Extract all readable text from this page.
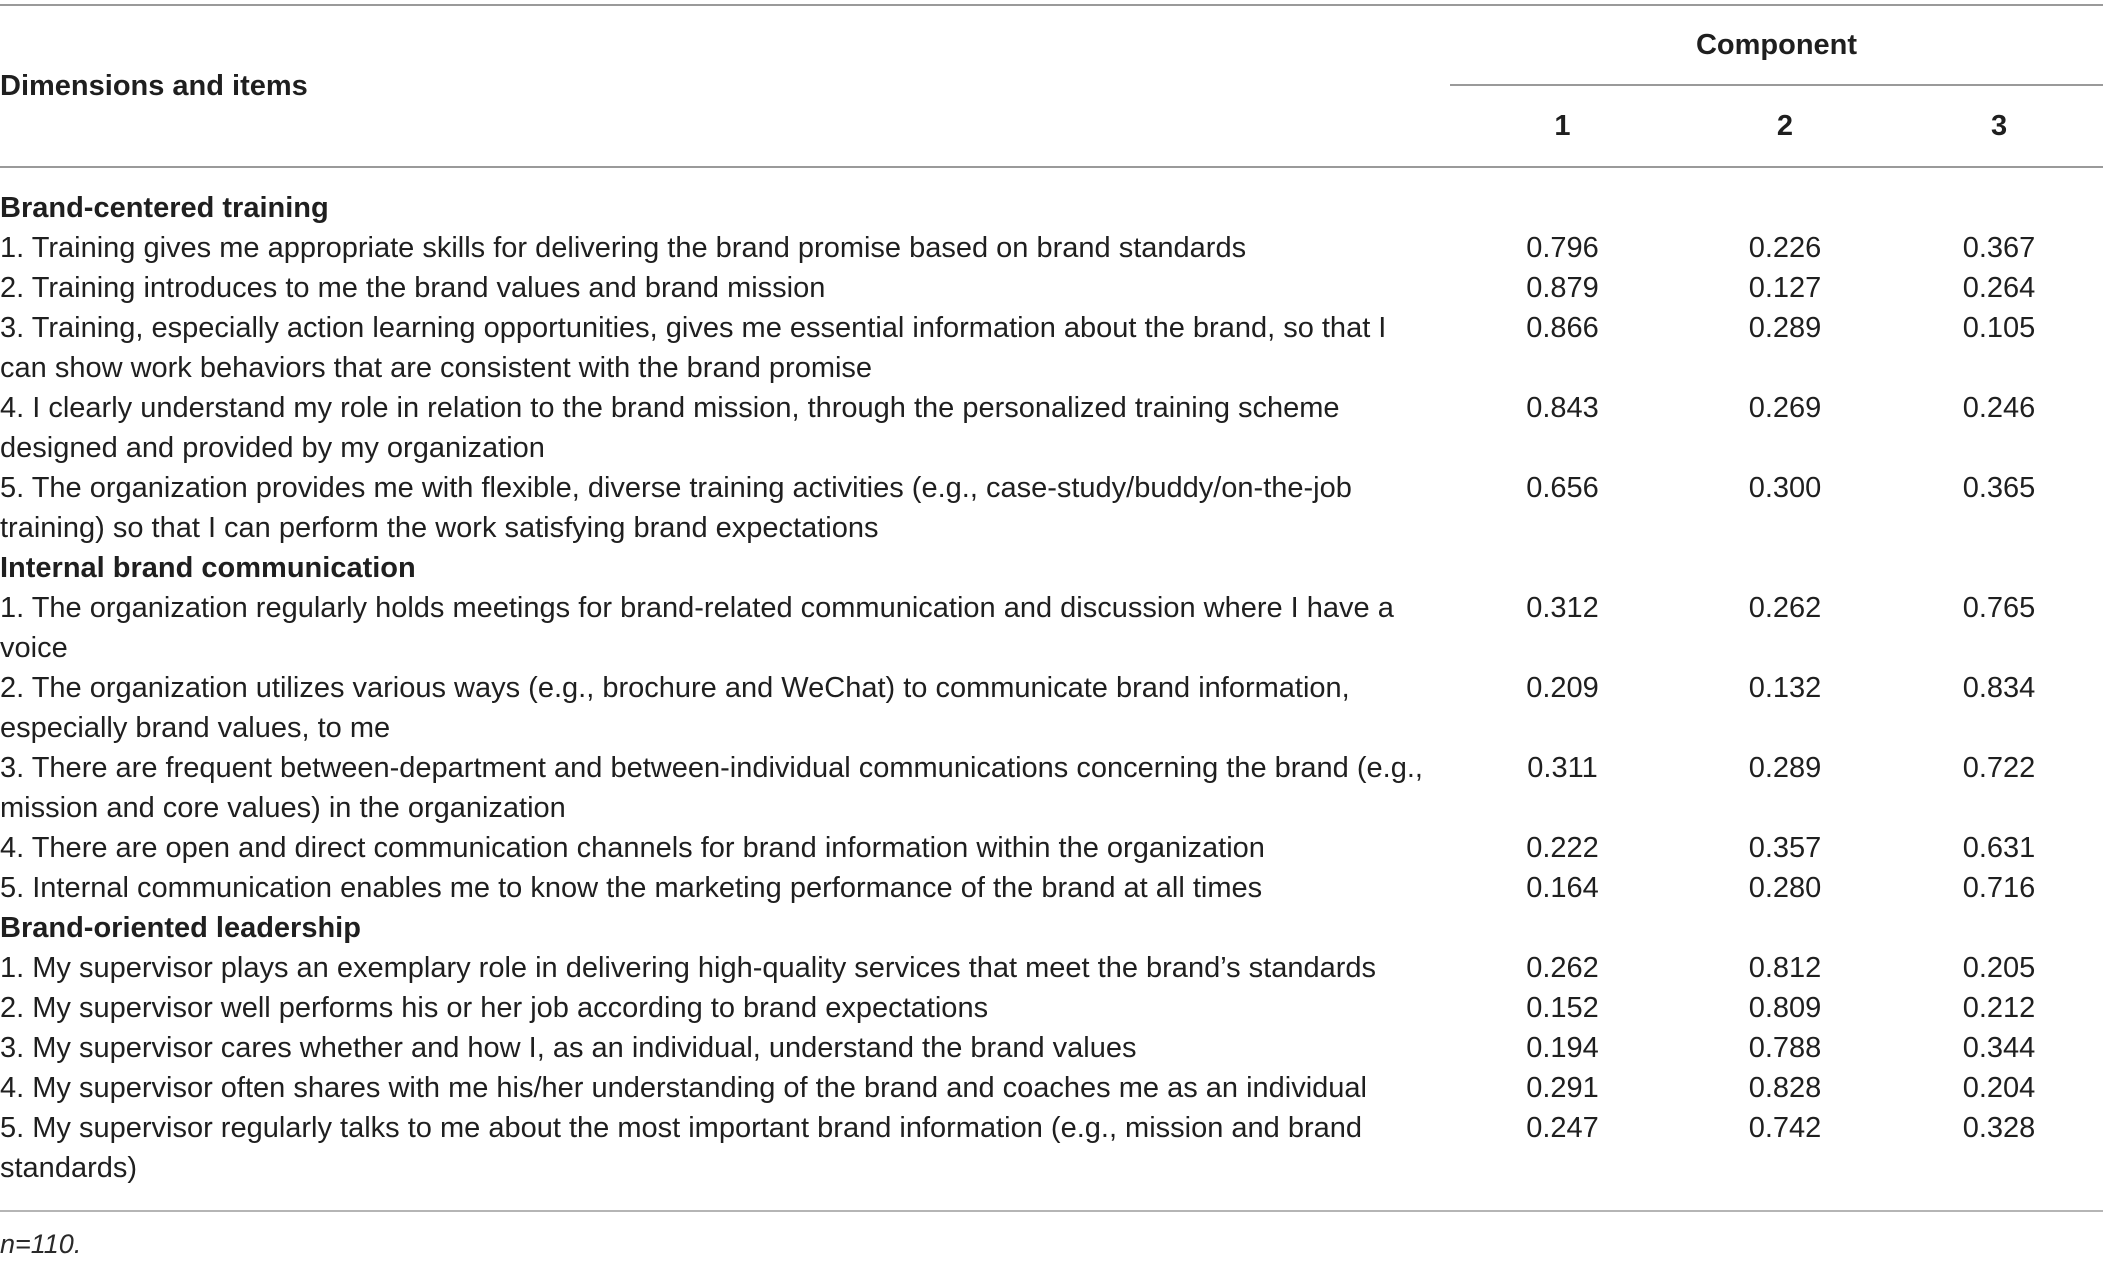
Dimensions and items	Component		
	1	2	3
Brand-centered training			
1. Training gives me appropriate skills for delivering the brand promise based on brand standards	0.796	0.226	0.367
2. Training introduces to me the brand values and brand mission	0.879	0.127	0.264
3. Training, especially action learning opportunities, gives me essential information about the brand, so that I can show work behaviors that are consistent with the brand promise	0.866	0.289	0.105
4. I clearly understand my role in relation to the brand mission, through the personalized training scheme designed and provided by my organization	0.843	0.269	0.246
5. The organization provides me with flexible, diverse training activities (e.g., case-study/buddy/on-the-job training) so that I can perform the work satisfying brand expectations	0.656	0.300	0.365
Internal brand communication			
1. The organization regularly holds meetings for brand-related communication and discussion where I have a voice	0.312	0.262	0.765
2. The organization utilizes various ways (e.g., brochure and WeChat) to communicate brand information, especially brand values, to me	0.209	0.132	0.834
3. There are frequent between-department and between-individual communications concerning the brand (e.g., mission and core values) in the organization	0.311	0.289	0.722
4. There are open and direct communication channels for brand information within the organization	0.222	0.357	0.631
5. Internal communication enables me to know the marketing performance of the brand at all times	0.164	0.280	0.716
Brand-oriented leadership			
1. My supervisor plays an exemplary role in delivering high-quality services that meet the brand’s standards	0.262	0.812	0.205
2. My supervisor well performs his or her job according to brand expectations	0.152	0.809	0.212
3. My supervisor cares whether and how I, as an individual, understand the brand values	0.194	0.788	0.344
4. My supervisor often shares with me his/her understanding of the brand and coaches me as an individual	0.291	0.828	0.204
5. My supervisor regularly talks to me about the most important brand information (e.g., mission and brand standards)	0.247	0.742	0.328
n=110.			
